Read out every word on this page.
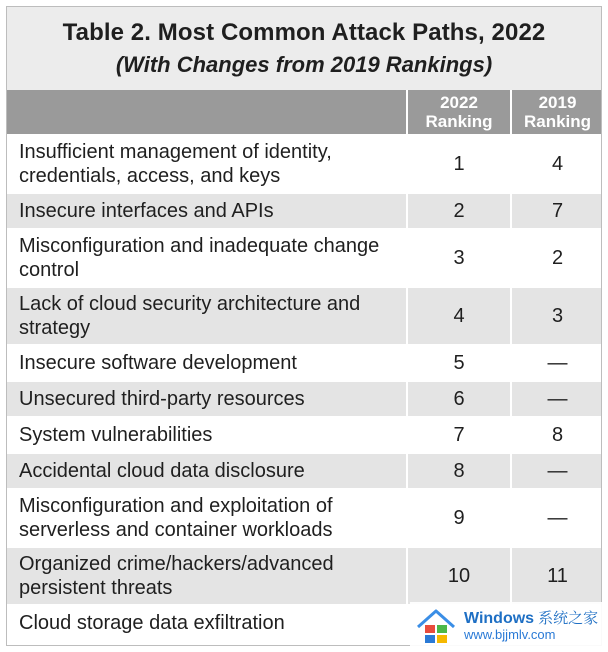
Table 2. Most Common Attack Paths, 2022
(With Changes from 2019 Rankings)

	2022 Ranking	2019 Ranking

Insufficient management of identity, credentials, access, and keys	1	4
Insecure interfaces and APIs	2	7
Misconfiguration and inadequate change control	3	2
Lack of cloud security architecture and strategy	4	3
Insecure software development	5	—
Unsecured third-party resources	6	—
System vulnerabilities	7	8
Accidental cloud data disclosure	8	—
Misconfiguration and exploitation of serverless and container workloads	9	—
Organized crime/hackers/advanced persistent threats	10	11
Cloud storage data exfiltration			Windows 系统之家
www.bjjmlv.com
